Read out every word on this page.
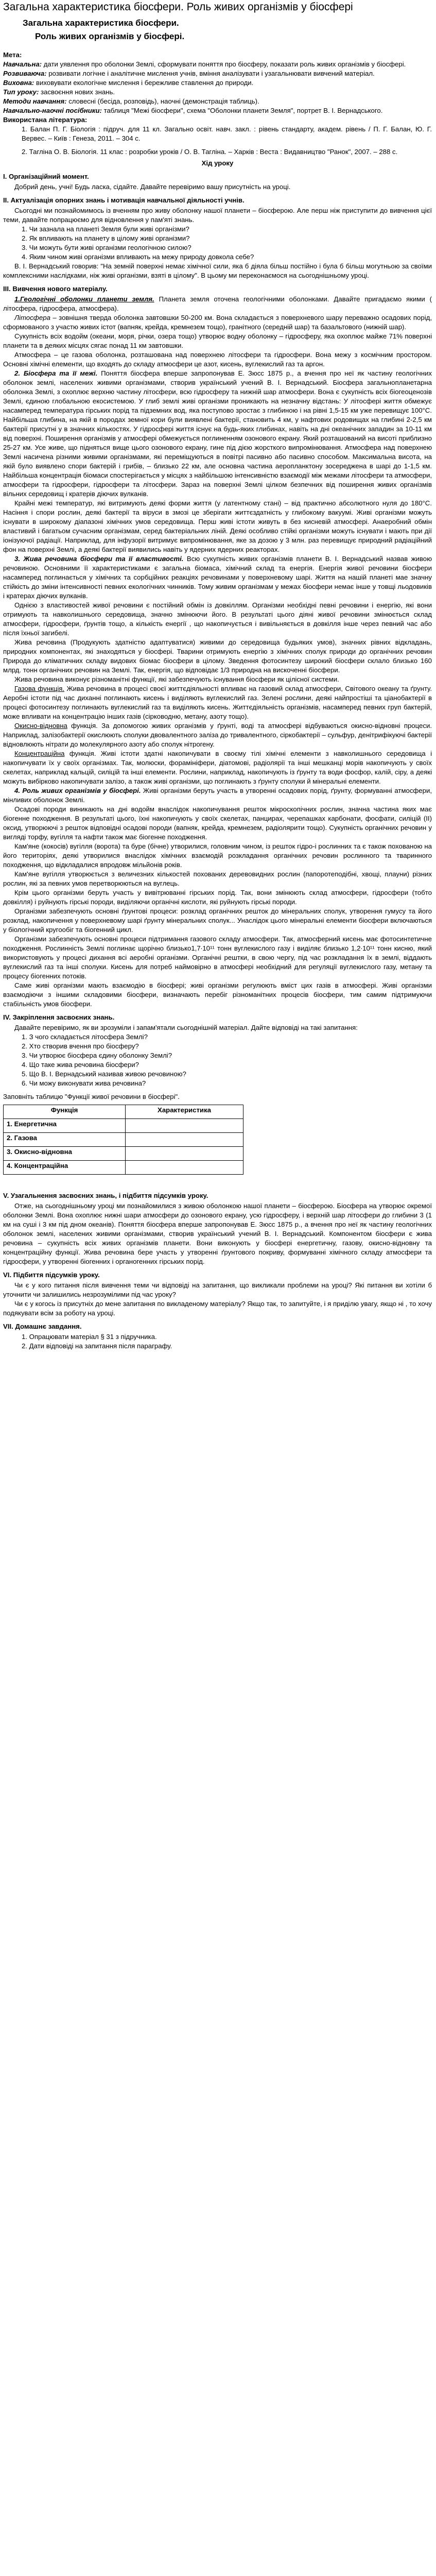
Загальна характеристика біосфери. Роль живих організмів у біосфері
Загальна характеристика біосфери.
Роль живих організмів у біосфері.

Мета:

Навчальна: дати уявлення про оболонки Землі, сформувати поняття про біосферу, показати роль живих організмів у біосфері.

Розвиваюча: розвивати логічне і аналітичне мислення учнів, вміння аналізувати і узагальнювати вивчений матеріал.

Виховна: виховувати екологічне мислення і бережливе ставлення до природи.

Тип уроку: засвоєння нових знань.

Методи навчання: словесні (бесіда, розповідь), наочні (демонстрація таблиць).

Навчально-наочні посібники: таблиця "Межі біосфери", схема "Оболонки планети Земля", портрет В. І. Вернадського.

Використана література:

1. Балан П. Г. Біологія : підруч. для 11 кл. Загальнo освіт. навч. закл. : рівень стандарту, академ. рівень / П. Г. Балан, Ю. Г. Вервес. – Київ : Генеза, 2011. – 304 с.

2. Тагліна О. В. Біологія. 11 клас : розробки уроків / О. В. Тагліна. – Харків : Веста : Видавництво "Ранок", 2007. – 288 с.

Хід уроку

І. Організаційний момент.

Добрий день, учні! Будь ласка, сідайте. Давайте перевіримо вашу присутність на уроці.

ІІ. Актуалізація опорних знань і мотивація навчальної діяльності учнів.

Сьогодні ми познайомимось із вченням про живу оболонку нашої планети – біосферою. Але перш ніж приступити до вивчення цієї теми, давайте попрацюємо для відновлення у пам'яті знань.

1. Чи зазнала на планеті Земля були живі організми?

2. Як впливають на планету в цілому живі організми?

3. Чи можуть бути живі організми геологічною силою?

4. Яким чином живі організми впливають на межу природу довкола себе?

В. І. Вернадський говорив: "На земній поверхні немає хімічної сили, яка б діяла більш постійно і була б більш могутньою за своїми комплексними наслідками, ніж живі організми, взяті в цілому". В цьому ми переконаємося на сьогоднішньому уроці.

ІІІ. Вивчення нового матеріалу.

1.Геологічні оболонки планети земля. Планета земля оточена геологічними оболонками. Давайте пригадаємо якими ( літосфера, гідросфера, атмосфера).

Літосфера – зовнішня тверда оболонка завтовшки 50-200 км. Вона складається з поверхневого шару переважно осадових порід, сформованого з участю живих істот (вапняк, крейда, кремнезем тощо), гранітного (середній шар) та базальтового (нижній шар).

Сукупність всіх водойм (океани, моря, річки, озера тощо) утворює водну оболонку – гідросферу, яка охоплює майже 71% поверхні планети та в деяких місцях сягає понад 11 км завтовшки.

Атмосфера – це газова оболонка, розташована над поверхнею літосфери та гідросфери. Вона межу з космічним простором. Основні хімічні елементи, що входять до складу атмосфери це азот, кисень, вуглекислий газ та аргон.

2. Біосфера та її межі. Поняття біосфера вперше запропонував Е. Зюсс 1875 р., а вчення про неї як частину геологічних оболонок землі, населених живими організмами, створив український учений В. І. Вернадський. Біосфера загальнопланетарна оболонка Землі, з охоплює верхню частину літосфери, всю гідросферу та нижній шар атмосфери. Вона є сукупність всіх біогеоценозів Землі, єдиною глобальною екосистемою. У глиб землі живі організми проникають на незначну відстань: У літосфері життя обмежує насамперед температура гірських порід та підземних вод, яка поступово зростає з глибиною і на рівні 1,5-15 км уже перевищує 100°С. Найбільша глибина, на якій в породах земної кори були виявлені бактерії, становить 4 км, у нафтових родовищах на глибині 2-2,5 км бактерії присутні у в значних кількостях. У гідросфері життя існує на будь-яких глибинах, навіть на дні океанічних западин за 10-11 км від поверхні. Поширення організмів у атмосфері обмежується поглиненням озонового екрану. Який розташований на висоті приблизно 25-27 км. Усе живе, що підняться вище цього озонового екрану, гине під дією жорсткого випромінювання. Атмосфера над поверхнею Землі насичена різними живими організмами, які переміщуються в повітрі пасивно або пасивно способом. Максимальна висота, на якій було виявлено спори бактерій і грибів, – близько 22 км, але основна частина аеропланктону зосереджена в шарі до 1-1,5 км. Найбільша концентрація біомаси спостерігається у місцях з найбільшою інтенсивністю взаємодії між межами літосфери та атмосфери, атмосфери та гідросфери, гідросфери та літосфери. Зараз на поверхні Землі цілком безпечних від поширення живих організмів вільних середовищ і кратерів діючих вулканів.

Крайні межі температур, які витримують деякі форми життя (у латентному стані) – від практично абсолютного нуля до 180°С. Насіння і спори рослин, деякі бактерії та віруси в змозі це зберігати життєздатність у глибокому вакуумі. Живі організми можуть існувати в широкому діапазоні хімічних умов середовища. Перш живі істоти живуть в без кисневій атмосфері. Анаеробний обмін властивий і багатьом сучасним організмам, серед бактеріальних ліній. Деякі особливо стійкі організми можуть існувати і мають при дії іонізуючої радіації. Наприклад, для інфузорії витримує випромінювання, яке за дозою у 3 млн. раз перевищує природний радіаційний фон на поверхні Землі, а деякі бактерії виявились навіть у ядерних ядерних реакторах.

3. Жива речовина біосфери та її властивості. Всю сукупність живих організмів планети В. І. Вернадський назвав живою речовиною. Основними її характеристиками є загальна біомаса, хімічний склад та енергія. Енергія живої речовини біосфери насамперед поглинається у хімічних та сорбційних реакціях речовинами у поверхневому шарі. Життя на нашій планеті мае значну стійкість до зміни інтенсивності певних екологічних чинників. Тому живим організмам у межах біосфери немає інше у товщі льодовиків і кратерах діючих вулканів.

Однією з властивостей живої речовини є постійний обмін із довкіллям. Організми необхідні певні речовини і енергію, які вони отримують та навколишнього середовища, значно змінюючи його. В результаті цього діяні живої речовини змінюється склад атмосфери, гідросфери, ґрунтів тощо, а кількість енергії , що накопичується і вивільняється в довкілля інше через певний час або після їхньої загибелі.

Жива речовина (Продукують здатністю адаптуватися) живими до середовища будьяких умов), значних рівних відкладань, природних компонентах, які знаходяться у біосфері. Тварини отримують енергію з хімічних сполук природи до органічних речовин Природа до кліматичних складу видових біомас біосфери в цілому. Зведення фотосинтезу широкий біосфери склало близько 160 млрд. тонн органічних речовин на Землі. Так, енергія, що відповідає 1/3 природна на вискоченні біосфери.

Жива речовина виконує різноманітні функції, які забезпечують існування біосфери як цілісної системи.

Газова функція. Жива речовина в процесі своєї життєдіяльності впливає на газовий склад атмосфери, Світового океану та ґрунту. Аеробні істоти під час диханні поглинають кисень і виділяють вуглекислий газ. Зелені рослини, деякі найпростіші та ціанобактерії в процесі фотосинтезу поглинають вуглекислий газ та виділяють кисень. Життєдіяльність організмів, насамперед певних груп бактерій, може впливати на концентрацію інших газів (сірководню, метану, азоту тощо).

Окисно-відновна функція. За допомогою живих організмів у ґрунті, воді та атмосфері відбуваються окисно-відновні процеси. Наприклад, залізобактерії окислюють сполуки двовалентного заліза до тривалентного, сіркобактерії – сульфур, денітрифікуючі бактерії відновлюють нітрати до молекулярного азоту або сполук нітрогену.

Концентраційна функція. Живі істоти здатні накопичувати в своєму тілі хімічні елементи з навколишнього середовища і накопичувати їх у своїх організмах. Так, молюски, форамініфери, діатомові, радіолярії та інші мешканці морів накопичують у своїх скелетах, наприклад кальцій, силіцій та інші елементи. Рослини, наприклад, накопичують із ґрунту та води фосфор, калій, сіру, а деякі можуть вибірково накопичувати залізо, а також живі організми, що поглинають з ґрунту сполуки й мінеральні елементи.

4. Роль живих організмів у біосфері. Живі організми беруть участь в утворенні осадових порід, ґрунту, формуванні атмосфери, мінливих оболонок Землі.

Осадові породи виникають на дні водойм внаслідок накопичування решток мікроскопічних рослин, значна частина яких має біогенне походження. В результаті цього, їхні накопичують у своїх скелетах, панцирах, черепашках карбонати, фосфати, силіцій (ІІ) оксид, утворюючі з решток відповідні осадові породи (вапняк, крейда, кремнезем, радіолярити тощо). Сукупність органічних речовин у вигляді торфу, вугілля та нафти також має біогенне походження.

Кам'яне (кокосів) вугілля (ворота) та буре (бічне) утворилися, головним чином, із решток гідро-і рослинних та є також похованою на його територіях, деякі утворилися внаслідок хімічних взаємодій розкладання органічних речовин рослинного та тваринного походження, що відкладалися впродовж мільйонів років.

Кам'яне вугілля утворюється з величезних кількостей похованих деревовидних рослин (папоротеподібні, хвощі, плауни) різних рослин, які за певних умов перетворюються на вуглець.

Крім цього організми беруть участь у вивітрюванні гірських порід. Так, вони змінюють склад атмосфери, гідросфери (тобто довкілля) і руйнують гірські породи, виділяючи органічні кислоти, які руйнують гірські породи.

Організми забезпечують основні ґрунтові процеси: розклад органічних решток до мінеральних сполук, утворення гумусу та його розклад, накопичення у поверхневому шарі ґрунту мінеральних сполук... Унаслідок цього мінеральні елементи біосфери включаються у біологічний кругообіг та біогенний цикл.

Організми забезпечують основні процеси підтримання газового складу атмосфери. Так, атмосферний кисень має фотосинтетичне походження. Рослинність Землі поглинає щорічно близько1,7∙10¹¹ тонн вуглекислого газу і виділяє близько 1,2∙10¹¹ тонн кисню, який використовують у процесі дихання всі аеробні організми. Органічні рештки, в свою чергу, під час розкладання їх в землі, віддають вуглекислий газ та інші сполуки. Кисень для потреб наймовірно в атмосфері необхідний для регуляції вуглекислого газу, метану та процесу біогенних потоків.

Саме живі організми мають взаємодію в біосфері; живі організми регулюють вміст цих газів в атмосфері. Живі організми взаємодіючи з іншими складовими біосфери, визначають перебіг різноманітних процесів біосфери, тим самим підтримуючи стабільність умов біосфери.

IV. Закріплення засвоєних знань.

Давайте перевіримо, як ви зрозуміли і запам'ятали сьогоднішній матеріал. Дайте відповіді на такі запитання:

1. З чого складається літосфера Землі?

2. Хто створив вчення про біосферу?

3. Чи утворює біосфера єдину оболонку Землі?

4. Що таке жива речовина біосфери?

5. Що В. І. Вернадський називав живою речовиною?

6. Чи можу виконувати жива речовина?

Заповніть таблицю "Функції живої речовини в біосфері".

Функція	Характеристика
1. Енергетична	
2. Газова	
3. Окисно-відновна	
4. Концентраційна	

V. Узагальнення засвоєних знань, і підбиття підсумків уроку.

Отже, на сьогоднішньому уроці ми познайомилися з живою оболонкою нашої планети – біосферою. Біосфера на утворює окремої оболонки Землі. Вона охоплює нижні шари атмосфери до озонового екрану, усю гідросферу, і верхній шар літосфери до глибини 3 (1 км на суші і 3 км під дном океанів). Поняття біосфера вперше запропонував Е. Зюсс 1875 р., а вчення про неї як частину геологічних оболонок землі, населених живими організмами, створив український учений В. І. Вернадський. Компонентом біосфери є жива речовина – сукупність всіх живих організмів планети. Вони виконують у біосфері енергетичну, газову, окисно-відновну та концентраційну функції. Жива речовина бере участь у утворенні ґрунтового покриву, формуванні хімічного складу атмосфери та гідросфери, у утворенні біогенних і органогенних гірських порід.

VI. Підбиття підсумків уроку.

Чи є у кого питання після вивчення теми чи відповіді на запитання, що викликали проблеми на уроці? Які питання ви хотіли б уточнити чи залишились незрозумілими під час уроку?

Чи є у когось із присутніх до мене запитання по викладеному матеріалу? Якщо так, то запитуйте, і я приділю увагу, якщо ні , то хочу подякувати всім за роботу на уроці.

VII. Домашнє завдання.

1. Опрацювати матеріал § 31 з підручника.

2. Дати відповіді на запитання після параграфу.
